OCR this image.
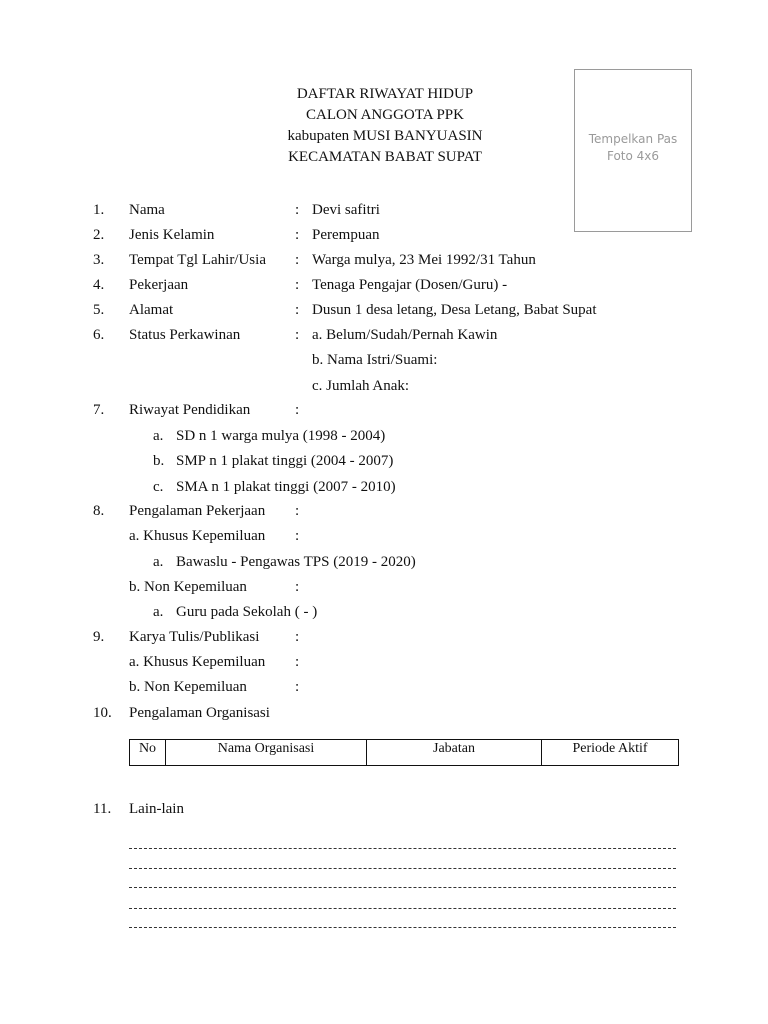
DAFTAR RIWAYAT HIDUP
CALON ANGGOTA PPK
kabupaten MUSI BANYUASIN
KECAMATAN BABAT SUPAT
Tempelkan Pas
Foto 4x6
1. Nama	: Devi safitri
2. Jenis Kelamin	: Perempuan
3. Tempat Tgl Lahir/Usia : Warga mulya, 23 Mei 1992/31 Tahun
4. Pekerjaan	: Tenaga Pengajar (Dosen/Guru) -
5. Alamat	: Dusun 1 desa letang, Desa Letang, Babat Supat
6. Status Perkawinan	: a. Belum/Sudah/Pernah Kawin
b. Nama Istri/Suami:
c. Jumlah Anak:
7. Riwayat Pendidikan	:
a. SD n 1 warga mulya (1998 - 2004)
b. SMP n 1 plakat tinggi (2004 - 2007)
c. SMA n 1 plakat tinggi (2007 - 2010)
8. Pengalaman Pekerjaan :
a. Khusus Kepemiluan :
a. Bawaslu - Pengawas TPS (2019 - 2020)
b. Non Kepemiluan	:
a. Guru pada Sekolah ( - )
9. Karya Tulis/Publikasi :
a. Khusus Kepemiluan :
b. Non Kepemiluan	:
10. Pengalaman Organisasi
No	Nama Organisasi	Jabatan	Periode Aktif
11. Lain-lain
